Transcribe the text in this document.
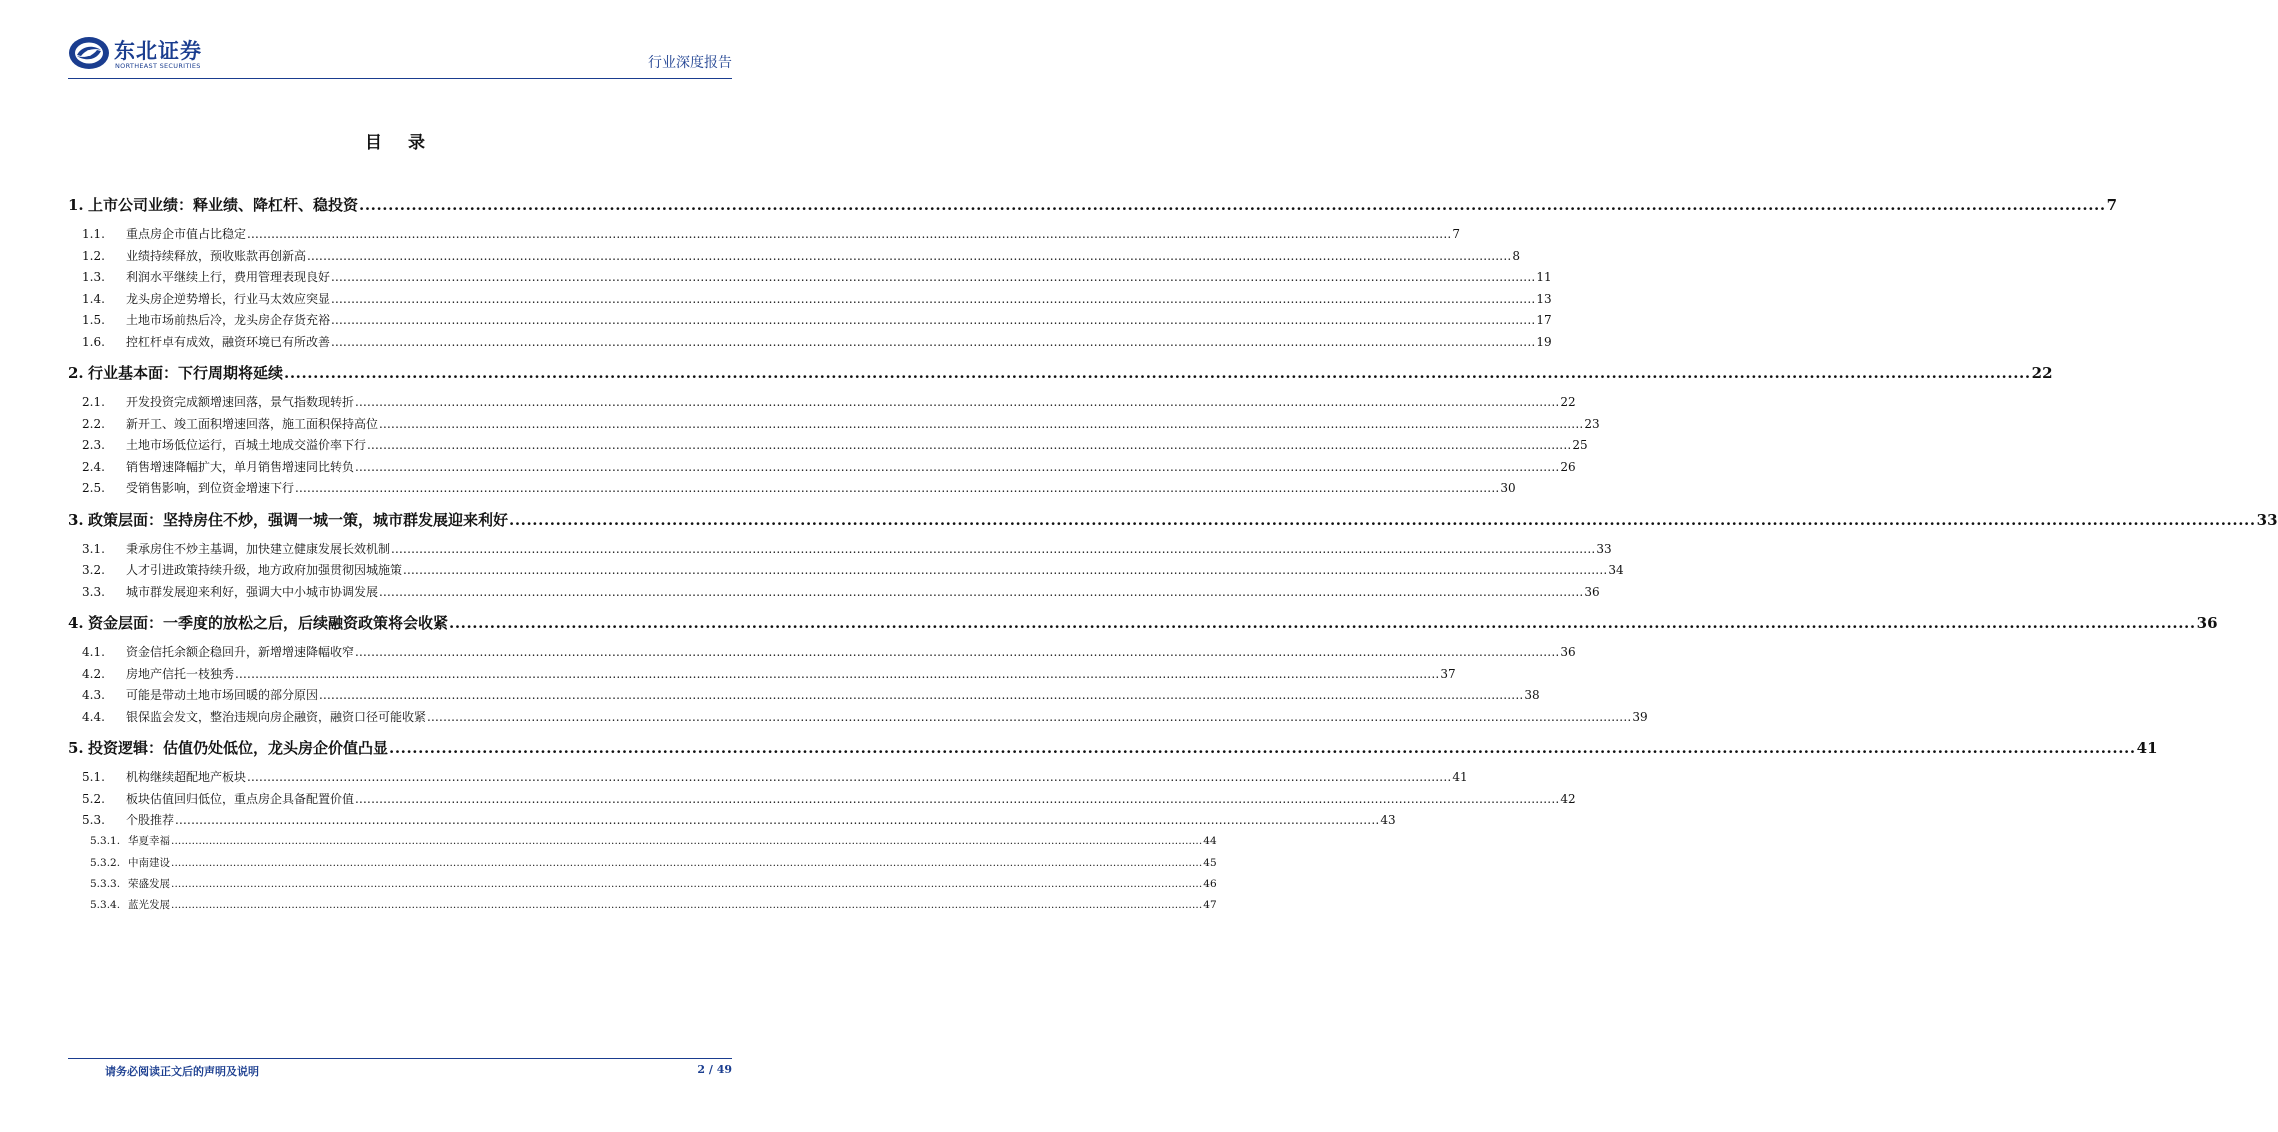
东北证券
NORTHEAST SECURITIES	行业深度报告
目 录
1. 上市公司业绩：释业绩、降杠杆、稳投资 ............................................................................................................................................................................................................................................................................................................ 7
1.1.	重点房企市值占比稳定 ............................................................................................................................................................................................................................................................................................................ 7
1.2.	业绩持续释放，预收账款再创新高 ............................................................................................................................................................................................................................................................................................................ 8
1.3.	利润水平继续上行，费用管理表现良好 ............................................................................................................................................................................................................................................................................................................ 11
1.4.	龙头房企逆势增长，行业马太效应突显 ............................................................................................................................................................................................................................................................................................................ 13
1.5.	土地市场前热后冷，龙头房企存货充裕 ............................................................................................................................................................................................................................................................................................................ 17
1.6.	控杠杆卓有成效，融资环境已有所改善 ............................................................................................................................................................................................................................................................................................................ 19
2. 行业基本面：下行周期将延续 ............................................................................................................................................................................................................................................................................................................ 22
2.1.	开发投资完成额增速回落，景气指数现转折 ............................................................................................................................................................................................................................................................................................................ 22
2.2.	新开工、竣工面积增速回落，施工面积保持高位 ............................................................................................................................................................................................................................................................................................................ 23
2.3.	土地市场低位运行，百城土地成交溢价率下行 ............................................................................................................................................................................................................................................................................................................ 25
2.4.	销售增速降幅扩大，单月销售增速同比转负 ............................................................................................................................................................................................................................................................................................................ 26
2.5.	受销售影响，到位资金增速下行 ............................................................................................................................................................................................................................................................................................................ 30
3. 政策层面：坚持房住不炒，强调一城一策，城市群发展迎来利好 ............................................................................................................................................................................................................................................................................................................ 33
3.1.	秉承房住不炒主基调，加快建立健康发展长效机制 ............................................................................................................................................................................................................................................................................................................ 33
3.2.	人才引进政策持续升级，地方政府加强贯彻因城施策 ............................................................................................................................................................................................................................................................................................................ 34
3.3.	城市群发展迎来利好，强调大中小城市协调发展 ............................................................................................................................................................................................................................................................................................................ 36
4. 资金层面：一季度的放松之后，后续融资政策将会收紧 ............................................................................................................................................................................................................................................................................................................ 36
4.1.	资金信托余额企稳回升，新增增速降幅收窄 ............................................................................................................................................................................................................................................................................................................ 36
4.2.	房地产信托一枝独秀 ............................................................................................................................................................................................................................................................................................................ 37
4.3.	可能是带动土地市场回暖的部分原因 ............................................................................................................................................................................................................................................................................................................ 38
4.4.	银保监会发文，整治违规向房企融资，融资口径可能收紧 ............................................................................................................................................................................................................................................................................................................ 39
5. 投资逻辑：估值仍处低位，龙头房企价值凸显 ............................................................................................................................................................................................................................................................................................................ 41
5.1.	机构继续超配地产板块 ............................................................................................................................................................................................................................................................................................................ 41
5.2.	板块估值回归低位，重点房企具备配置价值 ............................................................................................................................................................................................................................................................................................................ 42
5.3.	个股推荐 ............................................................................................................................................................................................................................................................................................................ 43
5.3.1. 华夏幸福 ............................................................................................................................................................................................................................................................................................................ 44
5.3.2. 中南建设 ............................................................................................................................................................................................................................................................................................................ 45
5.3.3. 荣盛发展 ............................................................................................................................................................................................................................................................................................................ 46
5.3.4. 蓝光发展 ............................................................................................................................................................................................................................................................................................................ 47
请务必阅读正文后的声明及说明	2 / 49
